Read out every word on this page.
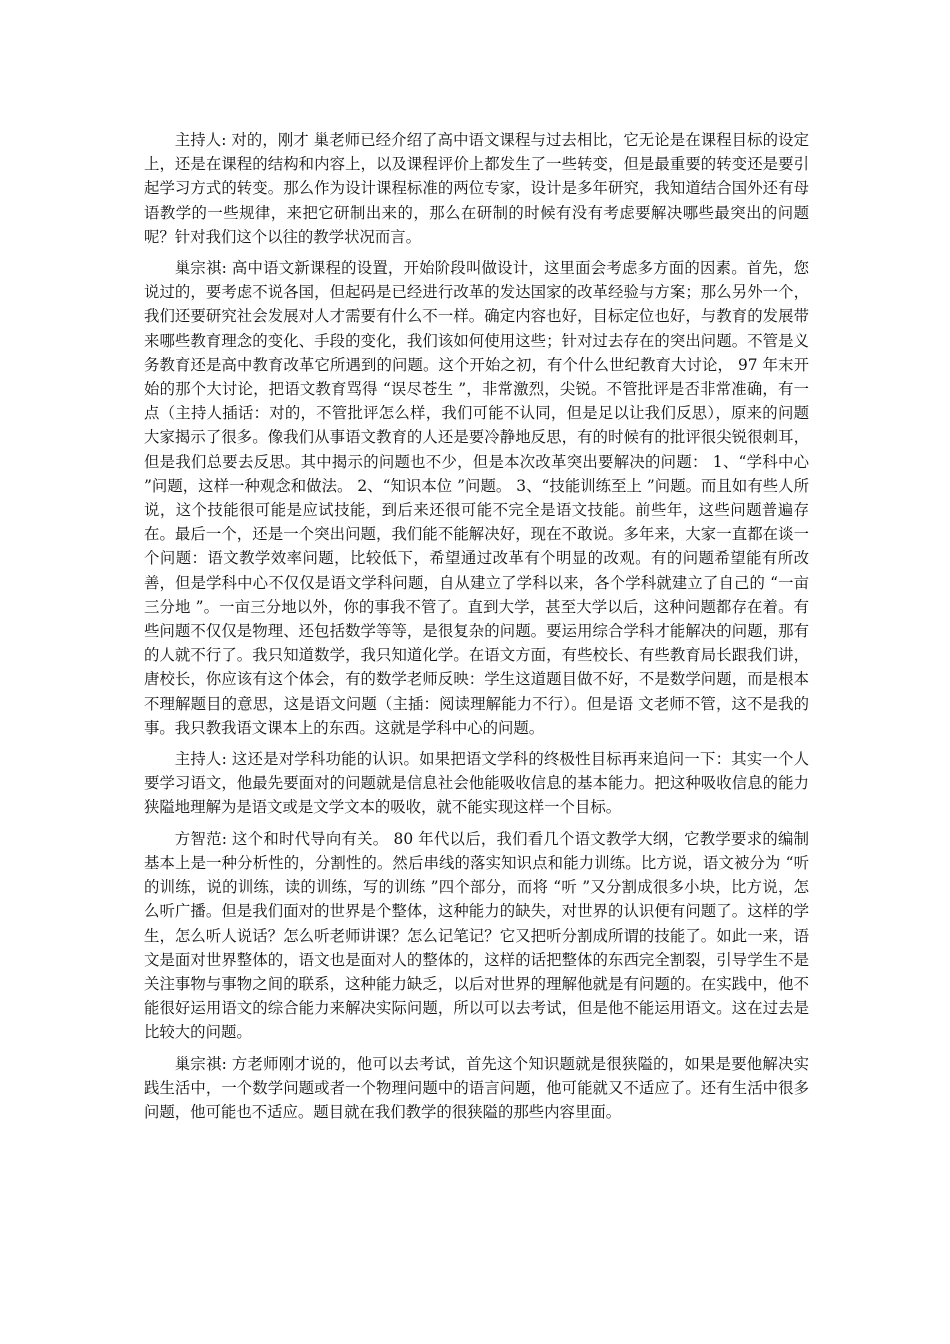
主持人: 对的，刚才 巢老师已经介绍了高中语文课程与过去相比，它无论是在课程目标的设定上，还是在课程的结构和内容上，以及课程评价上都发生了一些转变，但是最重要的转变还是要引起学习方式的转变。那么作为设计课程标准的两位专家，设计是多年研究，我知道结合国外还有母语教学的一些规律，来把它研制出来的，那么在研制的时候有没有考虑要解决哪些最突出的问题呢？针对我们这个以往的教学状况而言。

巢宗祺: 高中语文新课程的设置，开始阶段叫做设计，这里面会考虑多方面的因素。首先，您说过的，要考虑不说各国，但起码是已经进行改革的发达国家的改革经验与方案；那么另外一个，我们还要研究社会发展对人才需要有什么不一样。确定内容也好，目标定位也好，与教育的发展带来哪些教育理念的变化、手段的变化，我们该如何使用这些；针对过去存在的突出问题。不管是义务教育还是高中教育改革它所遇到的问题。这个开始之初，有个什么世纪教育大讨论， 97 年末开始的那个大讨论，把语文教育骂得 “误尽苍生 ”，非常激烈，尖锐。不管批评是否非常准确，有一点（主持人插话：对的，不管批评怎么样，我们可能不认同，但是足以让我们反思），原来的问题大家揭示了很多。像我们从事语文教育的人还是要冷静地反思，有的时候有的批评很尖锐很刺耳，但是我们总要去反思。其中揭示的问题也不少，但是本次改革突出要解决的问题： 1、“学科中心 ”问题，这样一种观念和做法。 2、“知识本位 ”问题。 3、“技能训练至上 ”问题。而且如有些人所说，这个技能很可能是应试技能，到后来还很可能不完全是语文技能。前些年，这些问题普遍存在。最后一个，还是一个突出问题，我们能不能解决好，现在不敢说。多年来，大家一直都在谈一个问题：语文教学效率问题，比较低下，希望通过改革有个明显的改观。有的问题希望能有所改善，但是学科中心不仅仅是语文学科问题，自从建立了学科以来，各个学科就建立了自己的 “一亩三分地 ”。一亩三分地以外，你的事我不管了。直到大学，甚至大学以后，这种问题都存在着。有些问题不仅仅是物理、还包括数学等等，是很复杂的问题。要运用综合学科才能解决的问题，那有的人就不行了。我只知道数学，我只知道化学。在语文方面，有些校长、有些教育局长跟我们讲，唐校长，你应该有这个体会，有的数学老师反映：学生这道题目做不好，不是数学问题，而是根本不理解题目的意思，这是语文问题（主插：阅读理解能力不行）。但是语 文老师不管，这不是我的事。我只教我语文课本上的东西。这就是学科中心的问题。

主持人: 这还是对学科功能的认识。如果把语文学科的终极性目标再来追问一下：其实一个人要学习语文，他最先要面对的问题就是信息社会他能吸收信息的基本能力。把这种吸收信息的能力狭隘地理解为是语文或是文学文本的吸收，就不能实现这样一个目标。

方智范: 这个和时代导向有关。 80 年代以后，我们看几个语文教学大纲，它教学要求的编制基本上是一种分析性的，分割性的。然后串线的落实知识点和能力训练。比方说，语文被分为 “听的训练，说的训练，读的训练，写的训练 ”四个部分，而将 “听 ”又分割成很多小块，比方说，怎么听广播。但是我们面对的世界是个整体，这种能力的缺失，对世界的认识便有问题了。这样的学生，怎么听人说话？怎么听老师讲课？怎么记笔记？它又把听分割成所谓的技能了。如此一来，语文是面对世界整体的，语文也是面对人的整体的，这样的话把整体的东西完全割裂，引导学生不是关注事物与事物之间的联系，这种能力缺乏，以后对世界的理解他就是有问题的。在实践中，他不能很好运用语文的综合能力来解决实际问题，所以可以去考试，但是他不能运用语文。这在过去是比较大的问题。

巢宗祺: 方老师刚才说的，他可以去考试，首先这个知识题就是很狭隘的，如果是要他解决实践生活中，一个数学问题或者一个物理问题中的语言问题，他可能就又不适应了。还有生活中很多问题，他可能也不适应。题目就在我们教学的很狭隘的那些内容里面。
